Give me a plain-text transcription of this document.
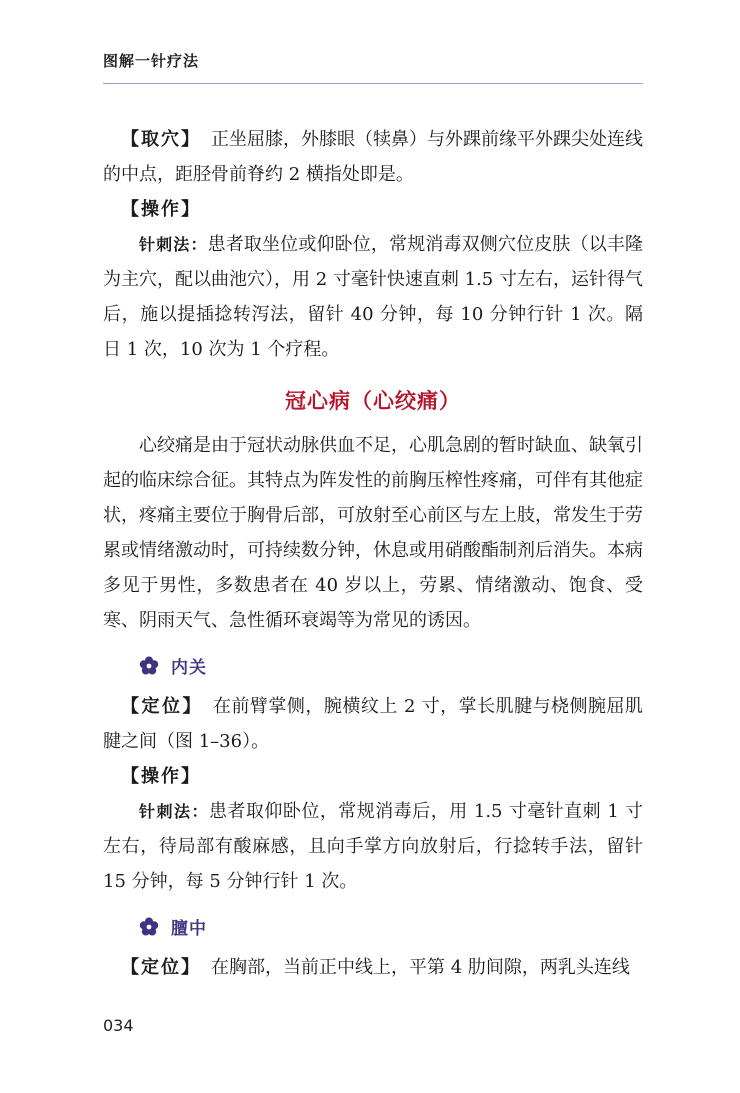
图解一针疗法

【取穴】 正坐屈膝，外膝眼（犊鼻）与外踝前缘平外踝尖处连线的中点，距胫骨前脊约 2 横指处即是。

【操作】

针刺法：患者取坐位或仰卧位，常规消毒双侧穴位皮肤（以丰隆为主穴，配以曲池穴），用 2 寸毫针快速直刺 1.5 寸左右，运针得气后，施以提插捻转泻法，留针 40 分钟，每 10 分钟行针 1 次。隔日 1 次，10 次为 1 个疗程。

冠心病（心绞痛）

心绞痛是由于冠状动脉供血不足，心肌急剧的暂时缺血、缺氧引起的临床综合征。其特点为阵发性的前胸压榨性疼痛，可伴有其他症状，疼痛主要位于胸骨后部，可放射至心前区与左上肢，常发生于劳累或情绪激动时，可持续数分钟，休息或用硝酸酯制剂后消失。本病多见于男性，多数患者在 40 岁以上，劳累、情绪激动、饱食、受寒、阴雨天气、急性循环衰竭等为常见的诱因。

内关

【定位】 在前臂掌侧，腕横纹上 2 寸，掌长肌腱与桡侧腕屈肌腱之间（图 1–36）。

【操作】

针刺法：患者取仰卧位，常规消毒后，用 1.5 寸毫针直刺 1 寸左右，待局部有酸麻感，且向手掌方向放射后，行捻转手法，留针 15 分钟，每 5 分钟行针 1 次。

膻中

【定位】 在胸部，当前正中线上，平第 4 肋间隙，两乳头连线

034
